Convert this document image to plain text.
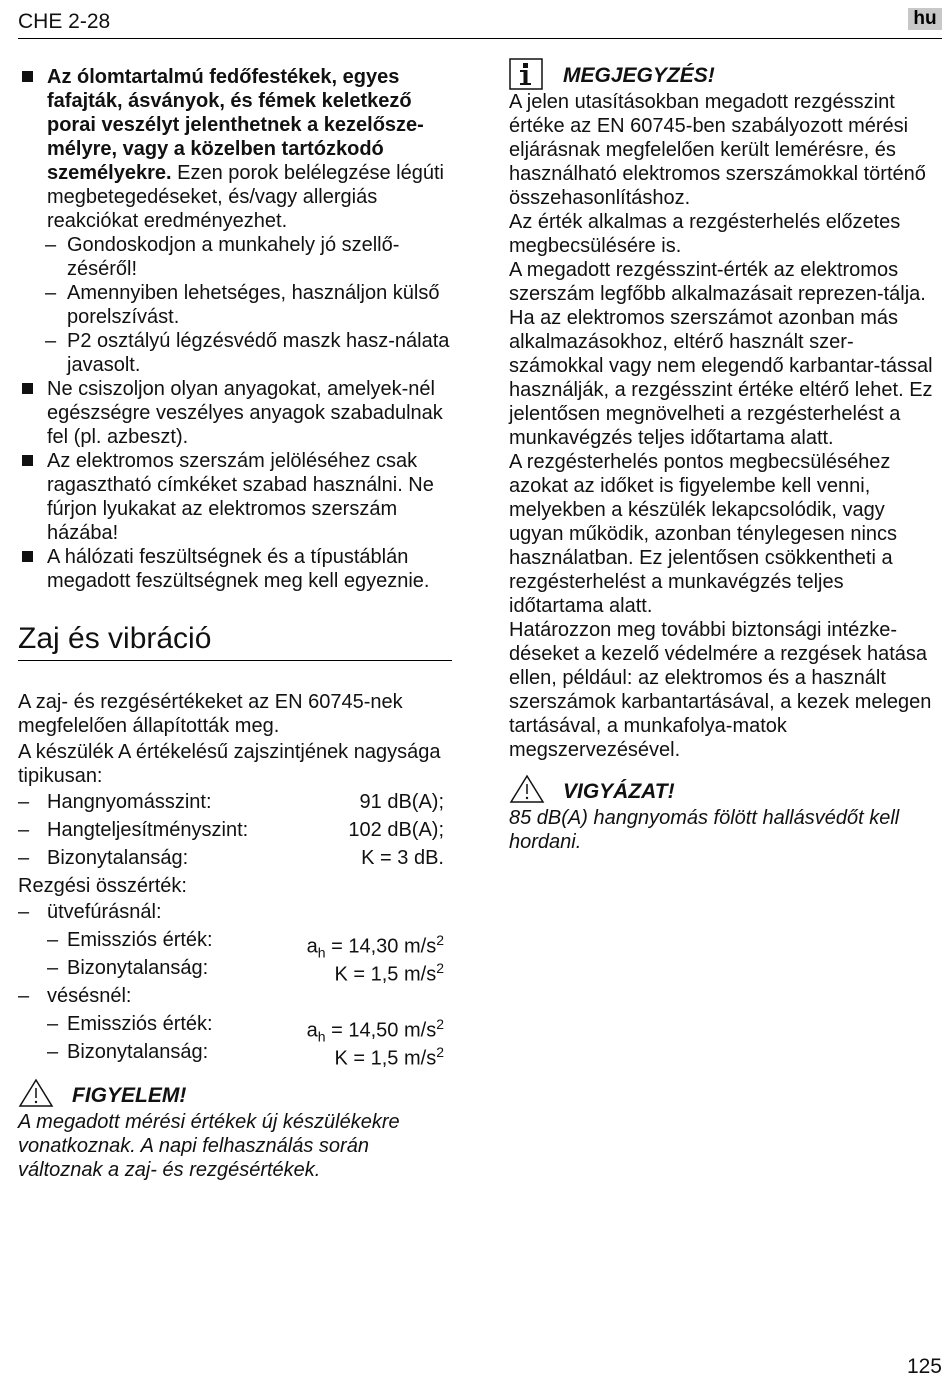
CHE 2-28	hu
Az ólomtartalmú fedőfestékek, egyes fafajták, ásványok, és fémek keletkező porai veszélyt jelenthetnek a kezelősze-mélyre, vagy a közelben tartózkodó személyekre. Ezen porok belélegzése légúti megbetegedéseket, és/vagy allergiás reakciókat eredményezhet.
– Gondoskodjon a munkahely jó szellő-zéséről!
– Amennyiben lehetséges, használjon külső porelszívást.
– P2 osztályú légzésvédő maszk hasz-nálata javasolt.
Ne csiszoljon olyan anyagokat, amelyek-nél egészségre veszélyes anyagok szabadulnak fel (pl. azbeszt).
Az elektromos szerszám jelöléséhez csak ragasztható címkéket szabad használni. Ne fúrjon lyukakat az elektromos szerszám házába!
A hálózati feszültségnek és a típustáblán megadott feszültségnek meg kell egyeznie.
Zaj és vibráció
A zaj- és rezgésértékeket az EN 60745-nek megfelelően állapították meg.
A készülék A értékelésű zajszintjének nagysága tipikusan:
– Hangnyomásszint:	91 dB(A);
– Hangteljesítményszint:	102 dB(A);
– Bizonytalanság:	K = 3 dB.
Rezgési összérték:
– ütvefúrásnál:
– Emissziós érték:	$a_h = 14,30$ $m/s^2$
– Bizonytalanság:	K = 1,5 $m/s^2$
– vésésnél:
– Emissziós érték:	$a_h = 14,50$ $m/s^2$
– Bizonytalanság:	K = 1,5 $m/s^2$
FIGYELEM!
A megadott mérési értékek új készülékekre vonatkoznak. A napi felhasználás során változnak a zaj- és rezgésértékek.
MEGJEGYZÉS!
A jelen utasításokban megadott rezgésszint értéke az EN 60745-ben szabályozott mérési eljárásnak megfelelően került lemérésre, és használható elektromos szerszámokkal történő összehasonlításhoz.
Az érték alkalmas a rezgésterhelés előzetes megbecsülésére is.
A megadott rezgésszint-érték az elektromos szerszám legfőbb alkalmazásait reprezen-tálja. Ha az elektromos szerszámot azonban más alkalmazásokhoz, eltérő használt szer-számokkal vagy nem elegendő karbantar-tással használják, a rezgésszint értéke eltérő lehet. Ez jelentősen megnövelheti a rezgésterhelést a munkavégzés teljes időtartama alatt.
A rezgésterhelés pontos megbecsüléséhez azokat az időket is figyelembe kell venni, melyekben a készülék lekapcsolódik, vagy ugyan működik, azonban ténylegesen nincs használatban. Ez jelentősen csökkentheti a rezgésterhelést a munkavégzés teljes időtartama alatt.
Határozzon meg további biztonsági intézke-déseket a kezelő védelmére a rezgések hatása ellen, például: az elektromos és a használt szerszámok karbantartásával, a kezek melegen tartásával, a munkafolya-matok megszervezésével.
VIGYÁZAT!
85 dB(A) hangnyomás fölött hallásvédőt kell hordani.
125
